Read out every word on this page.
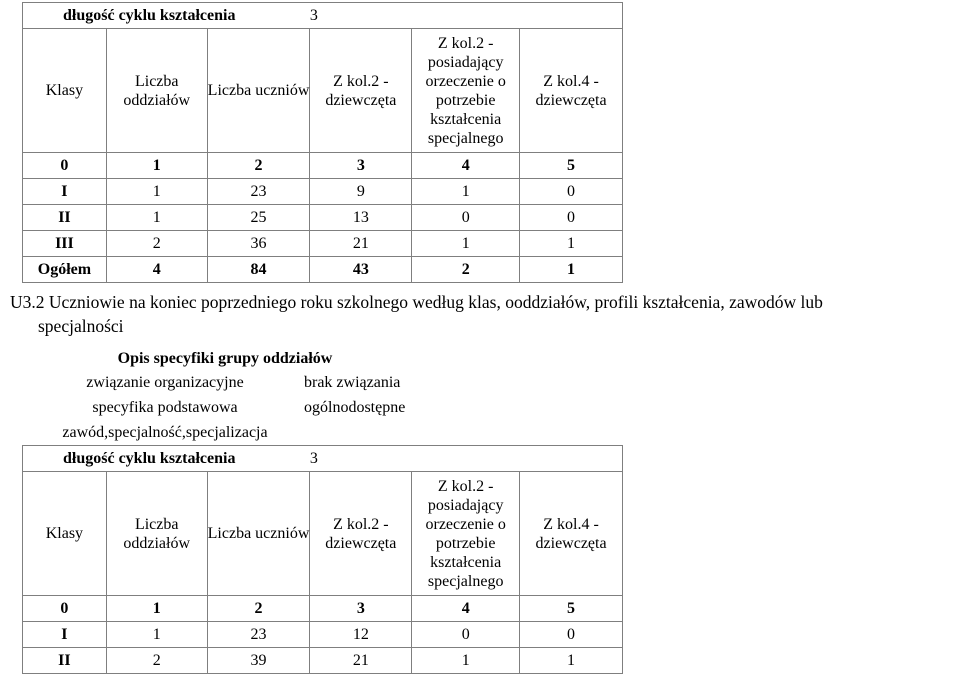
długość cyklu kształcenia			3		
Klasy	Liczba oddziałów	Liczba uczniów	Z kol.2 - dziewczęta	Z kol.2 - posiadający orzeczenie o potrzebie kształcenia specjalnego	Z kol.4 - dziewczęta
0	1	2	3	4	5
I	1	23	9	1	0
II	1	25	13	0	0
III	2	36	21	1	1
Ogółem	4	84	43	2	1
U3.2 Uczniowie na koniec poprzedniego roku szkolnego według klas, ooddziałów, profili kształcenia, zawodów lub
specjalności
Opis specyfiki grupy oddziałów	
związanie organizacyjne	brak związania
specyfika podstawowa	ogólnodostępne
zawód,specjalność,specjalizacja	
długość cyklu kształcenia			3		
Klasy	Liczba oddziałów	Liczba uczniów	Z kol.2 - dziewczęta	Z kol.2 - posiadający orzeczenie o potrzebie kształcenia specjalnego	Z kol.4 - dziewczęta
0	1	2	3	4	5
I	1	23	12	0	0
II	2	39	21	1	1
